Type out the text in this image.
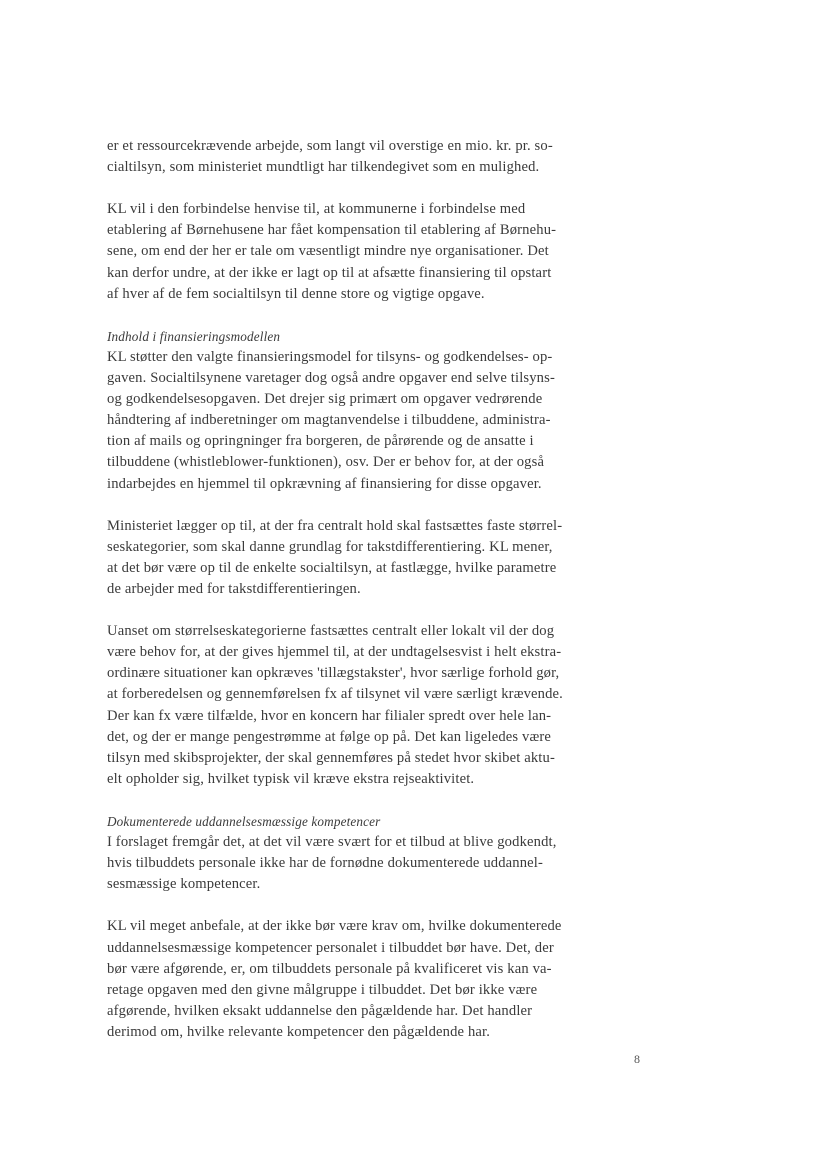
er et ressourcekrævende arbejde, som langt vil overstige en mio. kr. pr. so-
cialtilsyn, som ministeriet mundtligt har tilkendegivet som en mulighed.

KL vil i den forbindelse henvise til, at kommunerne i forbindelse med
etablering af Børnehusene har fået kompensation til etablering af Børnehu-
sene, om end der her er tale om væsentligt mindre nye organisationer. Det
kan derfor undre, at der ikke er lagt op til at afsætte finansiering til opstart
af hver af de fem socialtilsyn til denne store og vigtige opgave.

Indhold i finansieringsmodellen
KL støtter den valgte finansieringsmodel for tilsyns- og godkendelses- op-
gaven. Socialtilsynene varetager dog også andre opgaver end selve tilsyns-
og godkendelsesopgaven. Det drejer sig primært om opgaver vedrørende
håndtering af indberetninger om magtanvendelse i tilbuddene, administra-
tion af mails og opringninger fra borgeren, de pårørende og de ansatte i
tilbuddene (whistleblower-funktionen), osv. Der er behov for, at der også
indarbejdes en hjemmel til opkrævning af finansiering for disse opgaver.

Ministeriet lægger op til, at der fra centralt hold skal fastsættes faste størrel-
seskategorier, som skal danne grundlag for takstdifferentiering. KL mener,
at det bør være op til de enkelte socialtilsyn, at fastlægge, hvilke parametre
de arbejder med for takstdifferentieringen.

Uanset om størrelseskategorierne fastsættes centralt eller lokalt vil der dog
være behov for, at der gives hjemmel til, at der undtagelsesvist i helt ekstra-
ordinære situationer kan opkræves 'tillægstakster', hvor særlige forhold gør,
at forberedelsen og gennemførelsen fx af tilsynet vil være særligt krævende.
Der kan fx være tilfælde, hvor en koncern har filialer spredt over hele lan-
det, og der er mange pengestrømme at følge op på. Det kan ligeledes være
tilsyn med skibsprojekter, der skal gennemføres på stedet hvor skibet aktu-
elt opholder sig, hvilket typisk vil kræve ekstra rejseaktivitet.

Dokumenterede uddannelsesmæssige kompetencer
I forslaget fremgår det, at det vil være svært for et tilbud at blive godkendt,
hvis tilbuddets personale ikke har de fornødne dokumenterede uddannel-
sesmæssige kompetencer.

KL vil meget anbefale, at der ikke bør være krav om, hvilke dokumenterede
uddannelsesmæssige kompetencer personalet i tilbuddet bør have. Det, der
bør være afgørende, er, om tilbuddets personale på kvalificeret vis kan va-
retage opgaven med den givne målgruppe i tilbuddet. Det bør ikke være
afgørende, hvilken eksakt uddannelse den pågældende har. Det handler
derimod om, hvilke relevante kompetencer den pågældende har.

8
